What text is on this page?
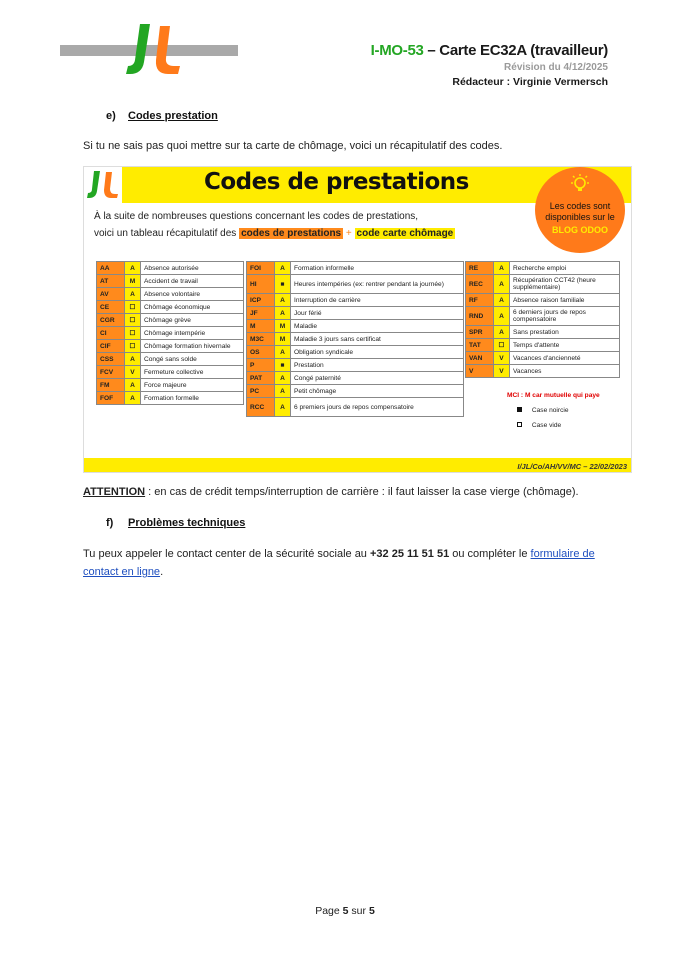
I-MO-53 – Carte EC32A (travailleur)
Révision du 4/12/2025
Rédacteur : Virginie Vermersch
e) Codes prestation
Si tu ne sais pas quoi mettre sur ta carte de chômage, voici un récapitulatif des codes.
Codes de prestations
Les codes sont
disponibles sur le
BLOG ODOO
À la suite de nombreuses questions concernant les codes de prestations,
voici un tableau récapitulatif des codes de prestations + code carte chômage
AA	A	Absence autorisée
AT	M	Accident de travail
AV	A	Absence volontaire
CE	☐	Chômage économique
CGR	☐	Chômage grève
CI	☐	Chômage intempérie
CIF	☐	Chômage formation hivernale
CSS	A	Congé sans solde
FCV	V	Fermeture collective
FM	A	Force majeure
FOF	A	Formation formelle
FOI	A	Formation informelle
HI	■	Heures intempéries (ex: rentrer pendant la journée)
ICP	A	Interruption de carrière
JF	A	Jour férié
M	M	Maladie
M3C	M	Maladie 3 jours sans certificat
OS	A	Obligation syndicale
P	■	Prestation
PAT	A	Congé paternité
PC	A	Petit chômage
RCC	A	6 premiers jours de repos compensatoire
RE	A	Recherche emploi
REC	A	Récupération CCT42 (heure supplémentaire)
RF	A	Absence raison familiale
RND	A	6 derniers jours de repos compensatoire
SPR	A	Sans prestation
TAT	☐	Temps d'attente
VAN	V	Vacances d'ancienneté
V	V	Vacances
MCI : M car mutuelle qui paye
Case noircie
Case vide
I/JL/Co/AH/VV/MC – 22/02/2023
ATTENTION : en cas de crédit temps/interruption de carrière : il faut laisser la case vierge (chômage).
f) Problèmes techniques
Tu peux appeler le contact center de la sécurité sociale au +32 25 11 51 51 ou compléter le formulaire de contact en ligne.
Page 5 sur 5
